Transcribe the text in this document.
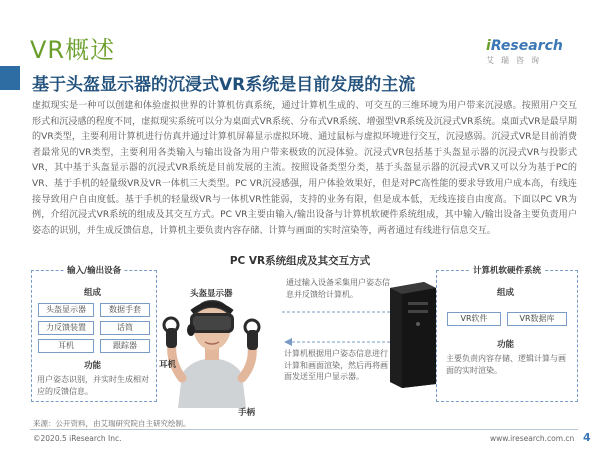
VR概述
基于头盔显示器的沉浸式VR系统是目前发展的主流
iResearch
艾瑞咨询

虚拟现实是一种可以创建和体验虚拟世界的计算机仿真系统，通过计算机生成的、可交互的三维环境为用户带来沉浸感。按照用户交互形式和沉浸感的程度不同，虚拟现实系统可以分为桌面式VR系统、分布式VR系统、增强型VR系统及沉浸式VR系统。桌面式VR是最早期的VR类型，主要利用计算机进行仿真并通过计算机屏幕显示虚拟环境、通过鼠标与虚拟环境进行交互，沉浸感弱。沉浸式VR是目前消费者最常见的VR类型，主要利用各类输入与输出设备为用户带来极致的沉浸体验。沉浸式VR包括基于头盔显示器的沉浸式VR与投影式VR，其中基于头盔显示器的沉浸式VR系统是目前发展的主流。按照设备类型分类，基于头盔显示器的沉浸式VR又可以分为基于PC的VR、基于手机的轻量级VR及VR一体机三大类型。PC VR沉浸感强，用户体验效果好，但是对PC高性能的要求导致用户成本高，有线连接导致用户自由度低。基于手机的轻量级VR与一体机VR性能弱，支持的业务有限，但是成本低，无线连接自由度高。下面以PC VR为例，介绍沉浸式VR系统的组成及其交互方式。PC VR主要由输入/输出设备与计算机软硬件系统组成，其中输入/输出设备主要负责用户姿态的识别，并生成反馈信息，计算机主要负责内容存储、计算与画面的实时渲染等，两者通过有线进行信息交互。

PC VR系统组成及其交互方式
输入/输出设备
组成
头盔显示器	数据手套
力反馈装置	话筒
耳机	跟踪器
功能
用户姿态识别，并实时生成相对应的反馈信息。
计算机软硬件系统
组成
VR软件	VR数据库
功能
主要负责内容存储、逻辑计算与画面的实时渲染。
头盔显示器
耳机
手柄
通过输入设备采集用户姿态信息并反馈给计算机。
计算机根据用户姿态信息进行计算和画面渲染，然后再将画面发送至用户显示器。
来源：公开资料，由艾瑞研究院自主研究绘制。
©2020.5 iResearch Inc.	www.iresearch.com.cn 4
